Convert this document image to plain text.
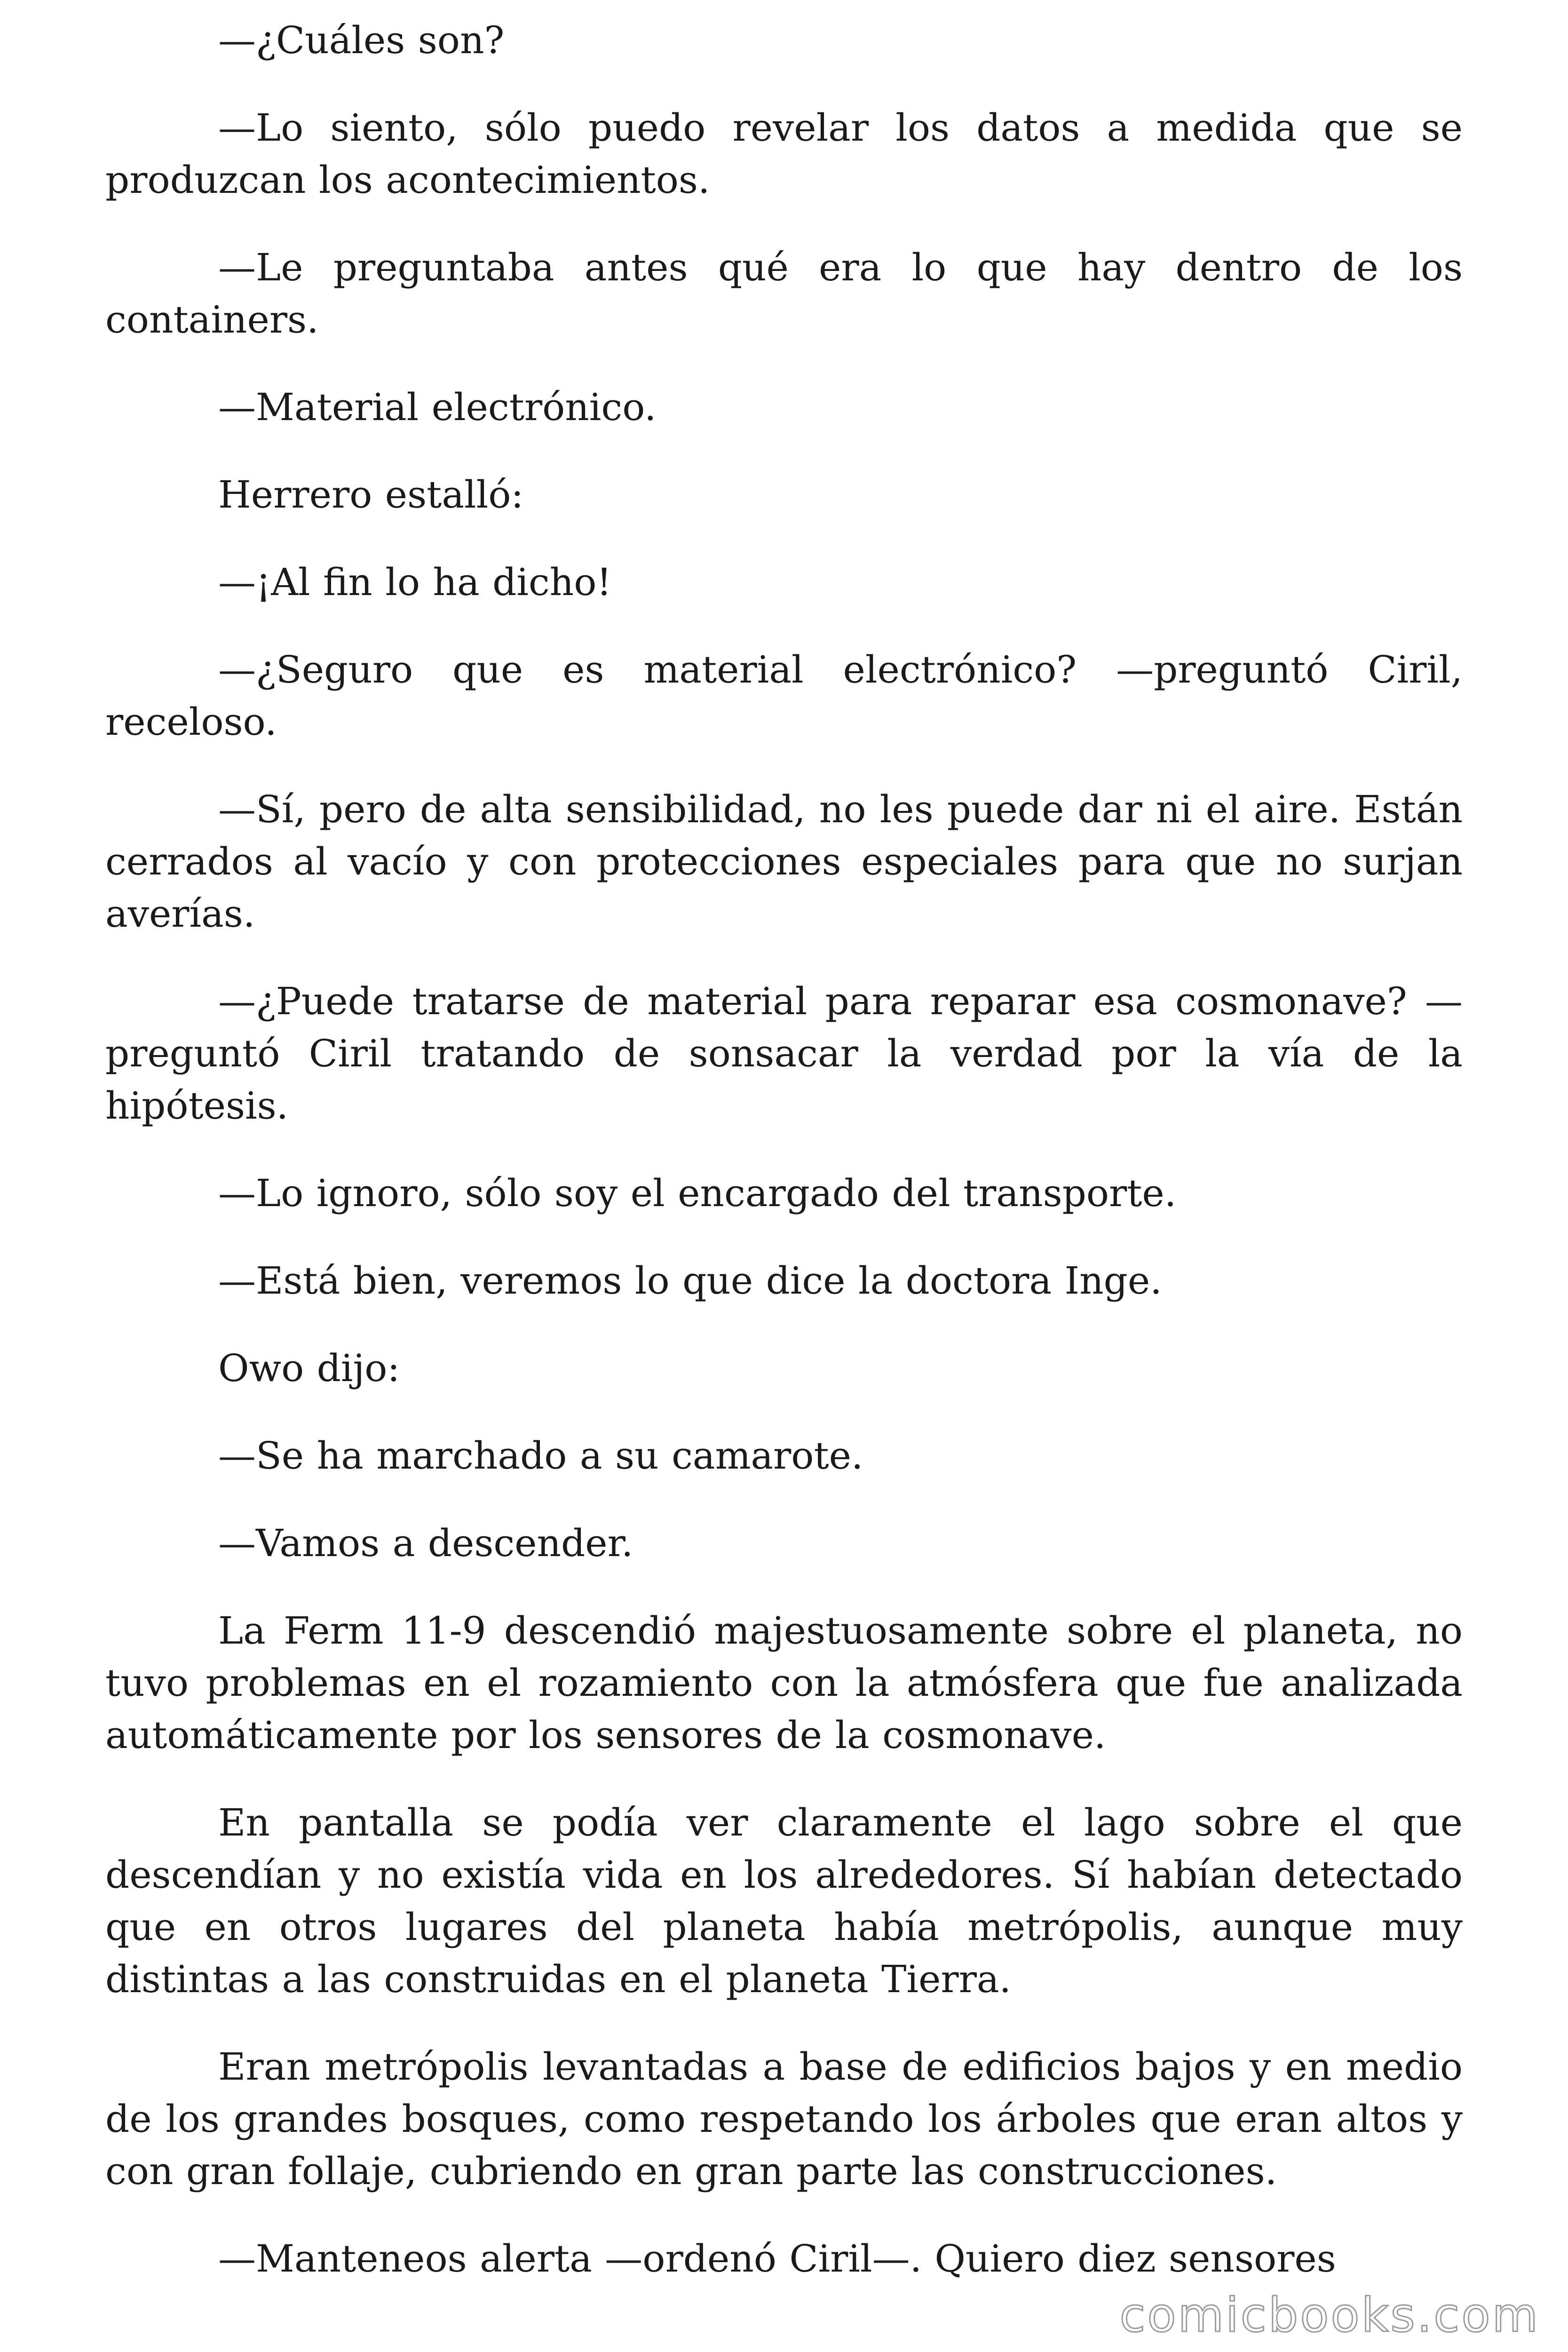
—¿Cuáles son?

—Lo siento, sólo puedo revelar los datos a medida que se produzcan los acontecimientos.

—Le preguntaba antes qué era lo que hay dentro de los containers.

—Material electrónico.

Herrero estalló:

—¡Al fin lo ha dicho!

—¿Seguro que es material electrónico? —preguntó Ciril, receloso.

—Sí, pero de alta sensibilidad, no les puede dar ni el aire. Están cerrados al vacío y con protecciones especiales para que no surjan averías.

—¿Puede tratarse de material para reparar esa cosmonave? —preguntó Ciril tratando de sonsacar la verdad por la vía de la hipótesis.

—Lo ignoro, sólo soy el encargado del transporte.

—Está bien, veremos lo que dice la doctora Inge.

Owo dijo:

—Se ha marchado a su camarote.

—Vamos a descender.

La Ferm 11-9 descendió majestuosamente sobre el planeta, no tuvo problemas en el rozamiento con la atmósfera que fue analizada automáticamente por los sensores de la cosmonave.

En pantalla se podía ver claramente el lago sobre el que descendían y no existía vida en los alrededores. Sí habían detectado que en otros lugares del planeta había metrópolis, aunque muy distintas a las construidas en el planeta Tierra.

Eran metrópolis levantadas a base de edificios bajos y en medio de los grandes bosques, como respetando los árboles que eran altos y con gran follaje, cubriendo en gran parte las construcciones.

—Manteneos alerta —ordenó Ciril—. Quiero diez sensores

comicbooks.com
